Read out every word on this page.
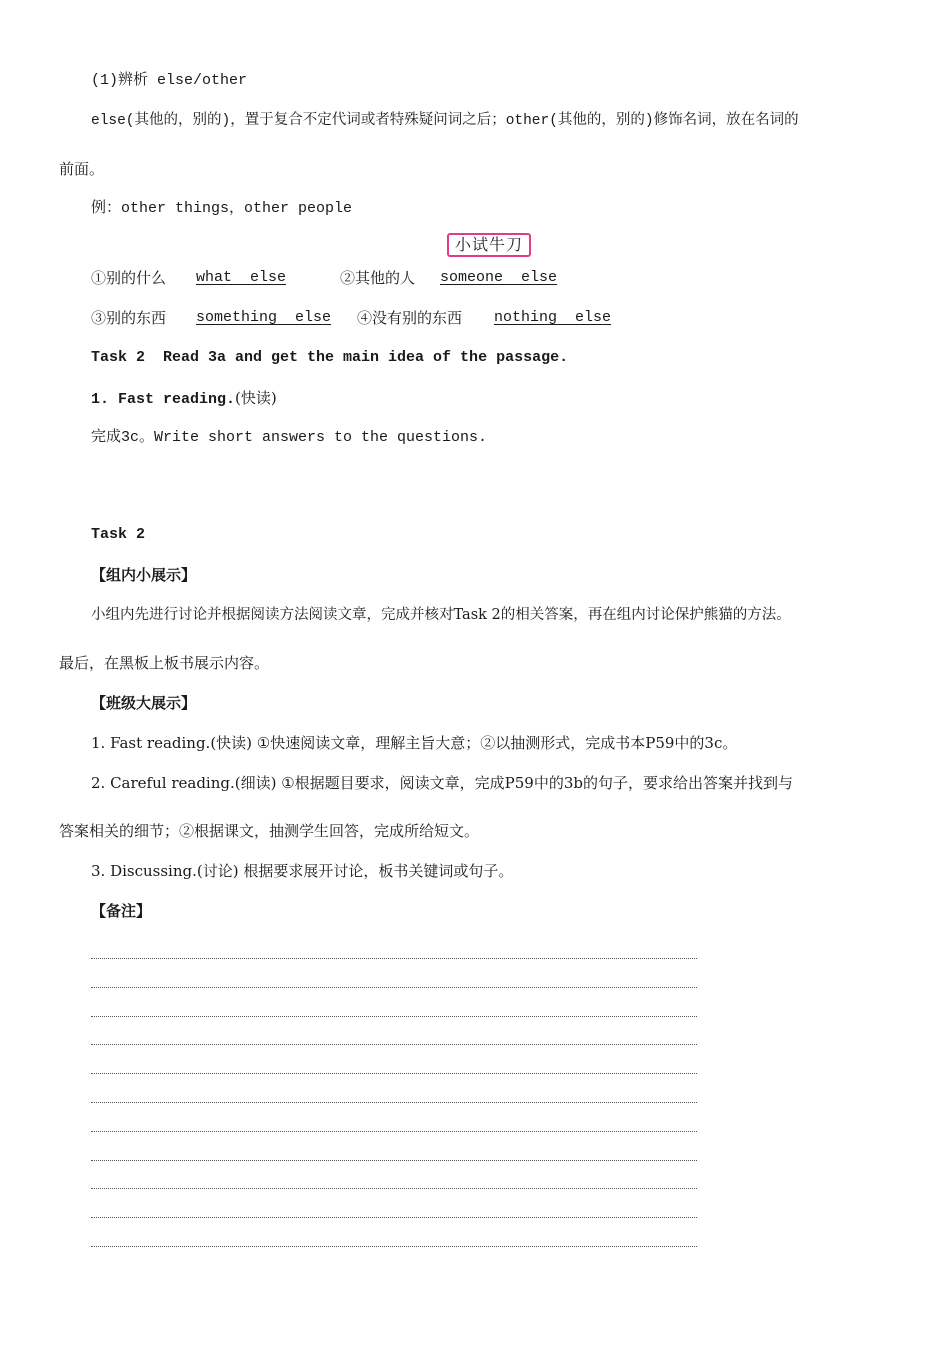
(1)辨析 else/other
else(其他的，别的)，置于复合不定代词或者特殊疑问词之后；other(其他的，别的)修饰名词，放在名词的
前面。
例：other things，other people
小试牛刀
①别的什么 what  else	②其他的人 someone  else
③别的东西 something  else ④没有别的东西 nothing  else
Task 2  Read 3a and get the main idea of the passage.
1. Fast reading.(快读)
完成3c。Write short answers to the questions.
Task 2
【组内小展示】
小组内先进行讨论并根据阅读方法阅读文章，完成并核对Task 2的相关答案，再在组内讨论保护熊猫的方法。
最后，在黑板上板书展示内容。
【班级大展示】
1. Fast reading.(快读) ①快速阅读文章，理解主旨大意；②以抽测形式，完成书本P59中的3c。
2. Careful reading.(细读) ①根据题目要求，阅读文章，完成P59中的3b的句子，要求给出答案并找到与
答案相关的细节；②根据课文，抽测学生回答，完成所给短文。
3. Discussing.(讨论) 根据要求展开讨论，板书关键词或句子。
【备注】
